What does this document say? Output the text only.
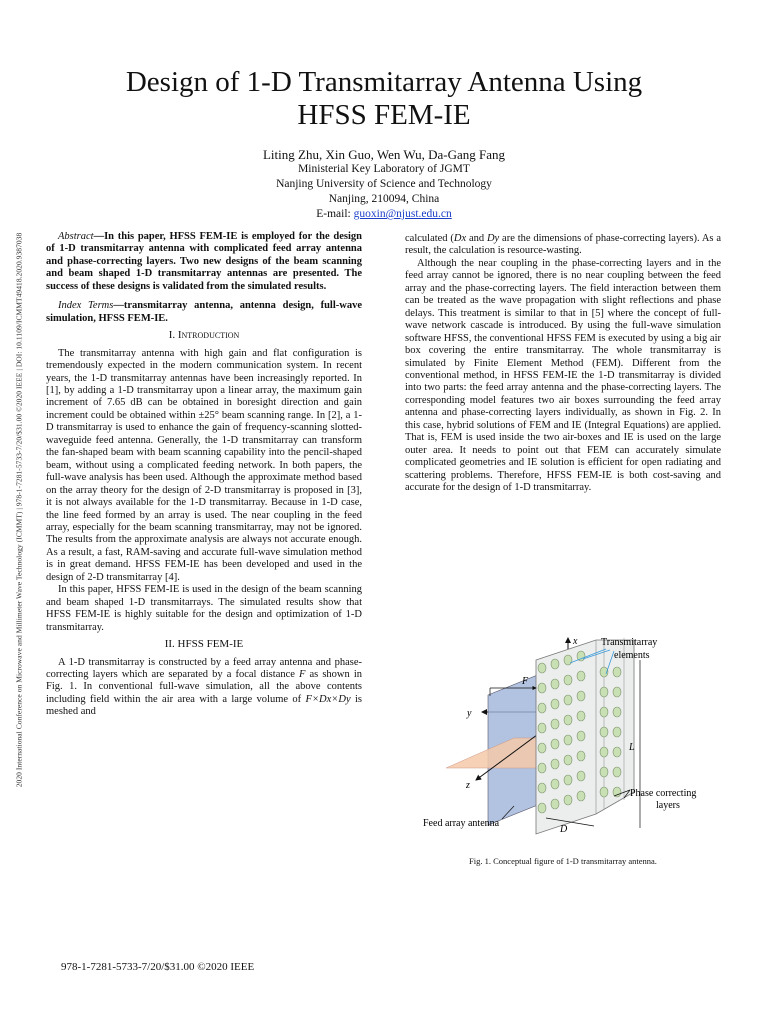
2020 International Conference on Microwave and Millimeter Wave Technology (ICMMT) | 978-1-7281-5733-7/20/$31.00 ©2020 IEEE | DOI: 10.1109/ICMMT49418.2020.9387038
Design of 1-D Transmitarray Antenna Using
HFSS FEM-IE
Liting Zhu, Xin Guo, Wen Wu, Da-Gang Fang
Ministerial Key Laboratory of JGMT
Nanjing University of Science and Technology
Nanjing, 210094, China
E-mail: guoxin@njust.edu.cn

Abstract—In this paper, HFSS FEM-IE is employed for the design of 1-D transmitarray antenna with complicated feed array antenna and phase-correcting layers. Two new designs of the beam scanning and beam shaped 1-D transmitarray antennas are presented. The success of these designs is validated from the simulated results.

Index Terms—transmitarray antenna, antenna design, full-wave simulation, HFSS FEM-IE.

I. Introduction

The transmitarray antenna with high gain and flat configuration is tremendously expected in the modern communication system. In recent years, the 1-D transmitarray antennas have been increasingly reported. In [1], by adding a 1-D transmitarray upon a linear array, the maximum gain increment of 7.65 dB can be obtained in boresight direction and gain increment could be obtained within ±25° beam scanning range. In [2], a 1-D transmitarray is used to enhance the gain of frequency-scanning slotted-waveguide feed antenna. Generally, the 1-D transmitarray can transform the fan-shaped beam with beam scanning capability into the pencil-shaped beam, without using a complicated feeding network. In both papers, the full-wave analysis has been used. Although the approximate method based on the array theory for the design of 2-D transmitarray is proposed in [3], it is not always available for the 1-D transmitarray. Because in 1-D case, the line feed formed by an array is used. The near coupling in the feed array, especially for the beam scanning transmitarray, may not be ignored. The results from the approximate analysis are always not accurate enough. As a result, a fast, RAM-saving and accurate full-wave simulation method is in great demand. HFSS FEM-IE has been developed and used in the design of 2-D transmitarray [4].

In this paper, HFSS FEM-IE is used in the design of the beam scanning and beam shaped 1-D transmitarrays. The simulated results show that HFSS FEM-IE is highly suitable for the design and optimization of 1-D transmitarray.

II. HFSS FEM-IE

A 1-D transmitarray is constructed by a feed array antenna and phase-correcting layers which are separated by a focal distance F as shown in Fig. 1. In conventional full-wave simulation, all the above contents including field within the air area with a large volume of F×Dx×Dy is meshed and

calculated (Dx and Dy are the dimensions of phase-correcting layers). As a result, the calculation is resource-wasting.

Although the near coupling in the phase-correcting layers and in the feed array cannot be ignored, there is no near coupling between the feed array and the phase-correcting layers. The field interaction between them can be treated as the wave propagation with slight reflections and phase delays. This treatment is similar to that in [5] where the concept of full-wave network cascade is introduced. By using the full-wave simulation software HFSS, the conventional HFSS FEM is executed by using a big air box covering the entire transmitarray. The whole transmitarray is simulated by Finite Element Method (FEM). Different from the conventional method, in HFSS FEM-IE the 1-D transmitarray is divided into two parts: the feed array antenna and the phase-correcting layers. The corresponding model features two air boxes surrounding the feed array antenna and phase-correcting layers individually, as shown in Fig. 2. In this case, hybrid solutions of FEM and IE (Integral Equations) are applied. That is, FEM is used inside the two air-boxes and IE is used on the large outer area. It needs to point out that FEM can accurately simulate complicated geometries and IE solution is efficient for open radiating and scattering problems. Therefore, HFSS FEM-IE is both cost-saving and accurate for the design of 1-D transmitarray.

x
y
z
F
L
D
Transmitarray
elements
Phase correcting
layers
Feed array antenna
Fig. 1. Conceptual figure of 1-D transmitarray antenna.
978-1-7281-5733-7/20/$31.00 ©2020 IEEE
